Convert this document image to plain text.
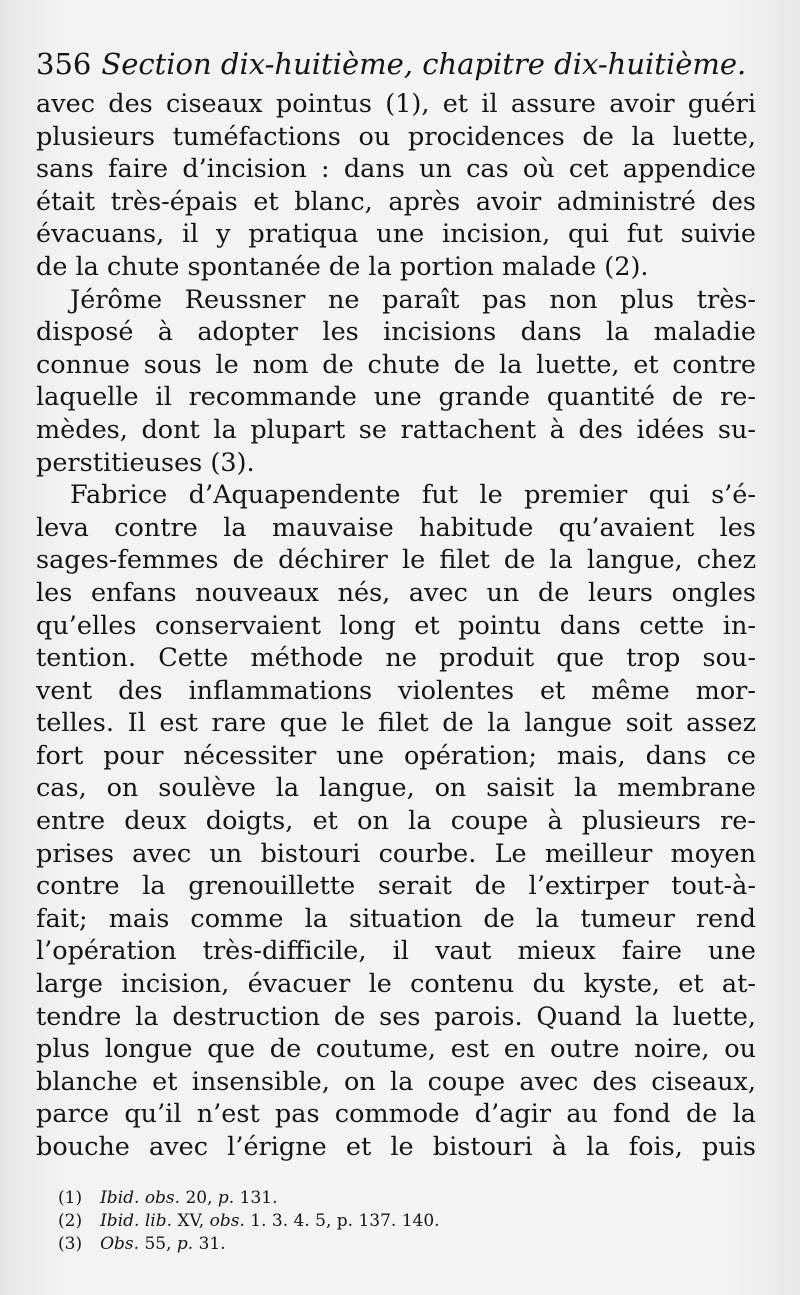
356 Section dix-huitième, chapitre dix-huitième.
avec des ciseaux pointus (1), et il assure avoir guéri
plusieurs tuméfactions ou procidences de la luette,
sans faire d’incision : dans un cas où cet appendice
était très-épais et blanc, après avoir administré des
évacuans, il y pratiqua une incision, qui fut suivie
de la chute spontanée de la portion malade (2).
Jérôme Reussner ne paraît pas non plus très-
disposé à adopter les incisions dans la maladie
connue sous le nom de chute de la luette, et contre
laquelle il recommande une grande quantité de re-
mèdes, dont la plupart se rattachent à des idées su-
perstitieuses (3).
Fabrice d’Aquapendente fut le premier qui s’é-
leva contre la mauvaise habitude qu’avaient les
sages-femmes de déchirer le filet de la langue, chez
les enfans nouveaux nés, avec un de leurs ongles
qu’elles conservaient long et pointu dans cette in-
tention. Cette méthode ne produit que trop sou-
vent des inflammations violentes et même mor-
telles. Il est rare que le filet de la langue soit assez
fort pour nécessiter une opération; mais, dans ce
cas, on soulève la langue, on saisit la membrane
entre deux doigts, et on la coupe à plusieurs re-
prises avec un bistouri courbe. Le meilleur moyen
contre la grenouillette serait de l’extirper tout-à-
fait; mais comme la situation de la tumeur rend
l’opération très-difficile, il vaut mieux faire une
large incision, évacuer le contenu du kyste, et at-
tendre la destruction de ses parois. Quand la luette,
plus longue que de coutume, est en outre noire, ou
blanche et insensible, on la coupe avec des ciseaux,
parce qu’il n’est pas commode d’agir au fond de la
bouche avec l’érigne et le bistouri à la fois, puis
(1) Ibid. obs. 20, p. 131.
(2) Ibid. lib. XV, obs. 1. 3. 4. 5, p. 137. 140.
(3) Obs. 55, p. 31.
